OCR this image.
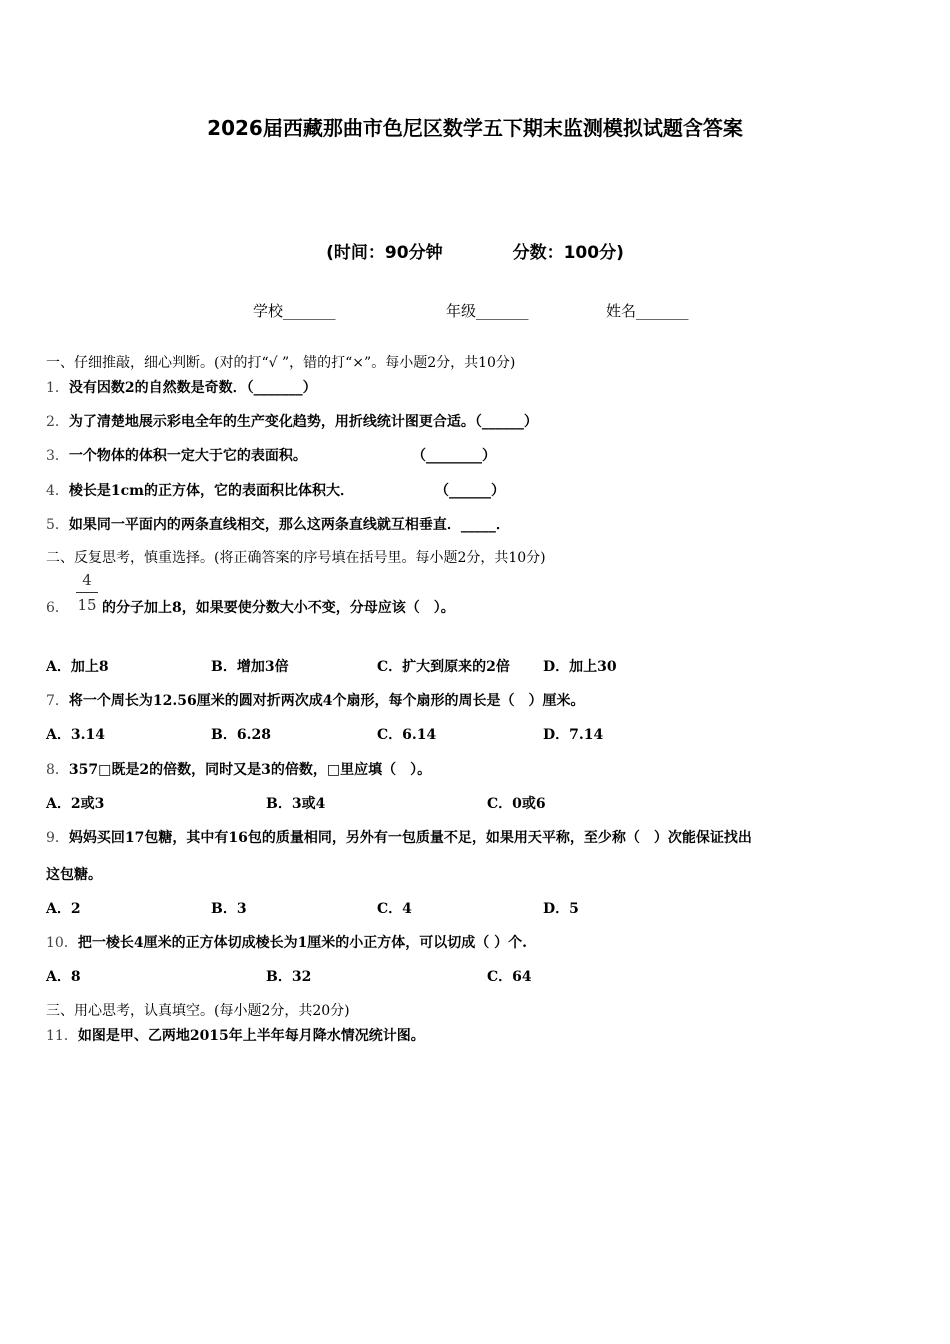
2026届西藏那曲市色尼区数学五下期末监测模拟试题含答案
(时间：90分钟	分数：100分)
学校_______	年级_______	姓名_______
一、仔细推敲，细心判断。(对的打“√ ”，错的打“×”。每小题2分，共10分)
1．没有因数2的自然数是奇数．（_______）
2．为了清楚地展示彩电全年的生产变化趋势，用折线统计图更合适。（______）
3．一个物体的体积一定大于它的表面积。	（________）
4．棱长是1cm的正方体，它的表面积比体积大．	（______）
5．如果同一平面内的两条直线相交，那么这两条直线就互相垂直．_____．
二、反复思考，慎重选择。(将正确答案的序号填在括号里。每小题2分，共10分)
6．
4
15 的分子加上8，如果要使分数大小不变，分母应该（　）。
A．加上8	B．增加3倍	C．扩大到原来的2倍 D．加上30
7．将一个周长为12.56厘米的圆对折两次成4个扇形，每个扇形的周长是（　）厘米。
A．3.14	B．6.28	C．6.14	D．7.14
8．357□既是2的倍数，同时又是3的倍数，□里应填（　）。
A．2或3	B．3或4	C．0或6
9．妈妈买回17包糖，其中有16包的质量相同，另外有一包质量不足，如果用天平称，至少称（　）次能保证找出
这包糖。
A．2	B．3	C．4	D．5
10．把一棱长4厘米的正方体切成棱长为1厘米的小正方体，可以切成（ ）个.
A．8	B．32	C．64
三、用心思考，认真填空。(每小题2分，共20分)
11．如图是甲、乙两地2015年上半年每月降水情况统计图。
